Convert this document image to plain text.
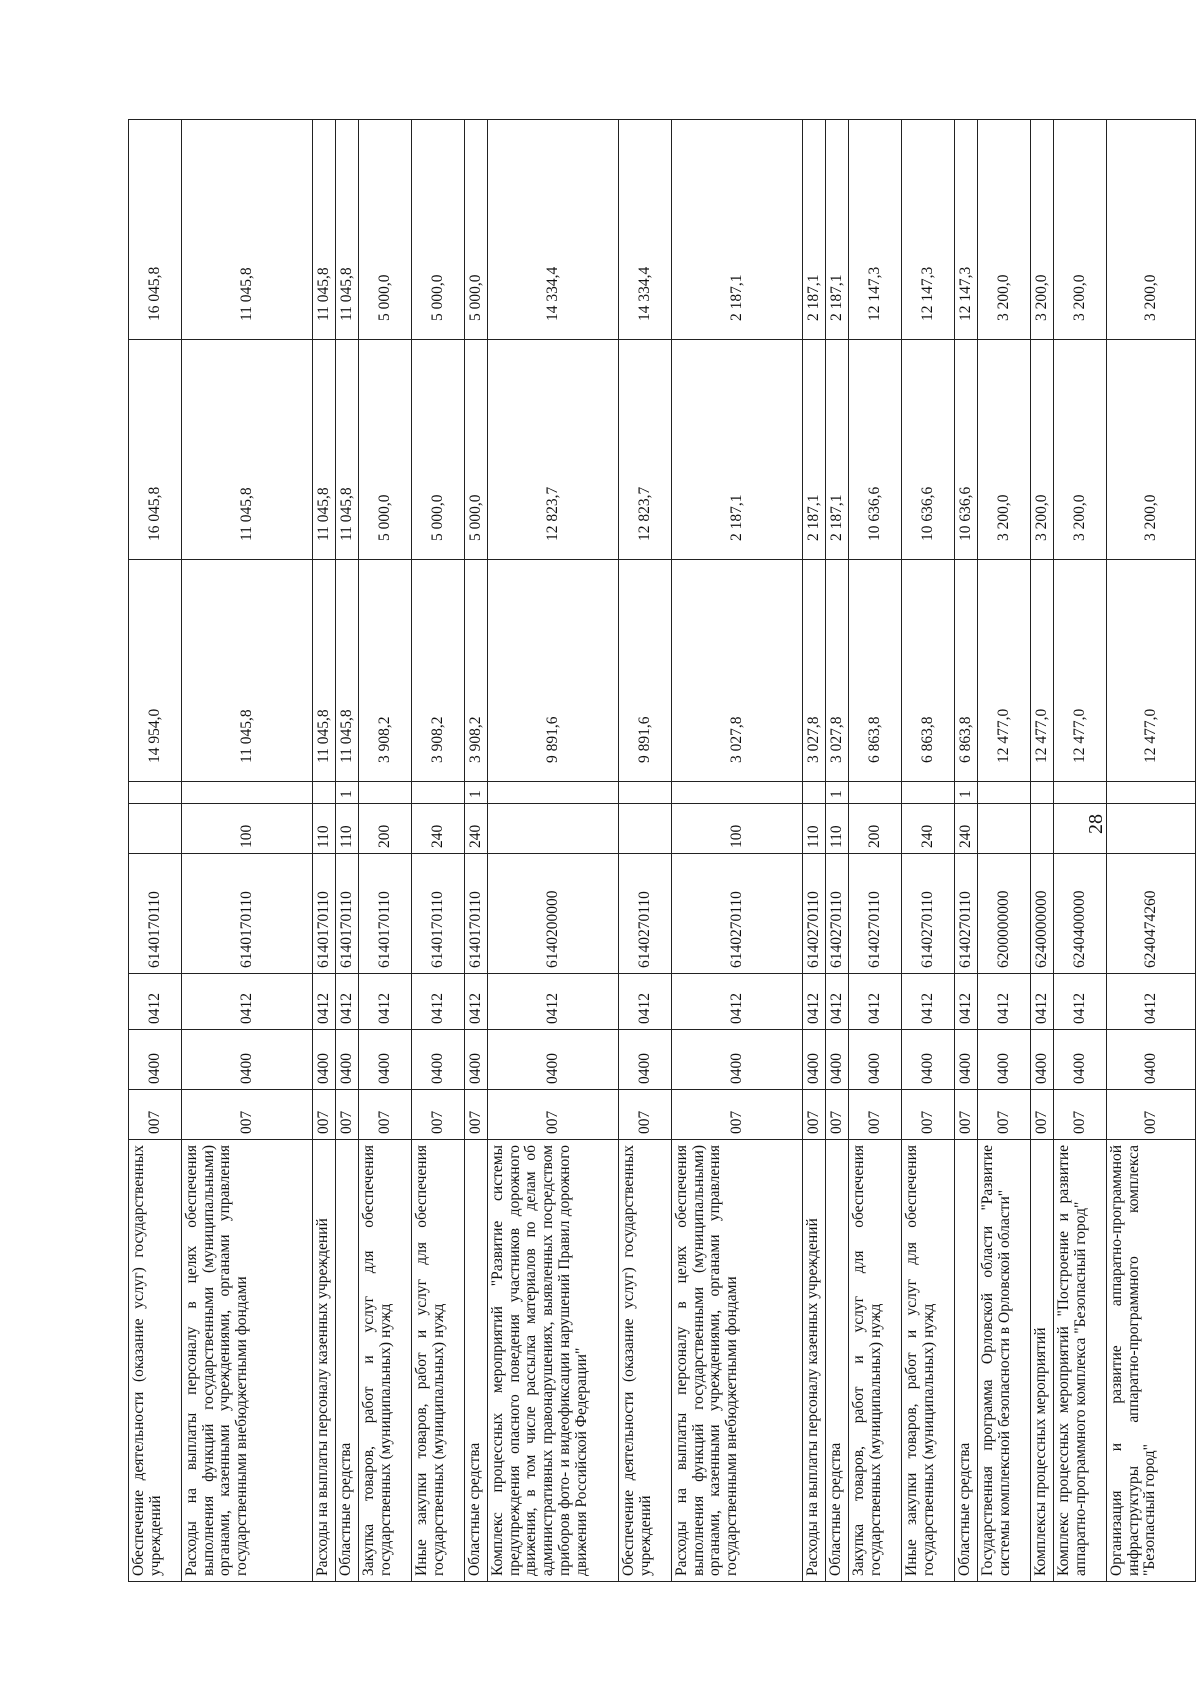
28
Обеспечение деятельности (оказание услуг) государственных учреждений	007	0400	0412	6140170110			14 954,0	16 045,8	16 045,8
Расходы на выплаты персоналу в целях обеспечения выполнения функций государственными (муниципальными) органами, казенными учреждениями, органами управления государственными внебюджетными фондами	007	0400	0412	6140170110	100		11 045,8	11 045,8	11 045,8
Расходы на выплаты персоналу казенных учреждений	007	0400	0412	6140170110	110		11 045,8	11 045,8	11 045,8
Областные средства	007	0400	0412	6140170110	110	1	11 045,8	11 045,8	11 045,8
Закупка товаров, работ и услуг для обеспечения государственных (муниципальных) нужд	007	0400	0412	6140170110	200		3 908,2	5 000,0	5 000,0
Иные закупки товаров, работ и услуг для обеспечения государственных (муниципальных) нужд	007	0400	0412	6140170110	240		3 908,2	5 000,0	5 000,0
Областные средства	007	0400	0412	6140170110	240	1	3 908,2	5 000,0	5 000,0
Комплекс процессных мероприятий "Развитие системы предупреждения опасного поведения участников дорожного движения, в том числе рассылка материалов по делам об административных правонарушениях, выявленных посредством приборов фото- и видеофиксации нарушений Правил дорожного движения Российской Федерации"	007	0400	0412	6140200000			9 891,6	12 823,7	14 334,4
Обеспечение деятельности (оказание услуг) государственных учреждений	007	0400	0412	6140270110			9 891,6	12 823,7	14 334,4
Расходы на выплаты персоналу в целях обеспечения выполнения функций государственными (муниципальными) органами, казенными учреждениями, органами управления государственными внебюджетными фондами	007	0400	0412	6140270110	100		3 027,8	2 187,1	2 187,1
Расходы на выплаты персоналу казенных учреждений	007	0400	0412	6140270110	110		3 027,8	2 187,1	2 187,1
Областные средства	007	0400	0412	6140270110	110	1	3 027,8	2 187,1	2 187,1
Закупка товаров, работ и услуг для обеспечения государственных (муниципальных) нужд	007	0400	0412	6140270110	200		6 863,8	10 636,6	12 147,3
Иные закупки товаров, работ и услуг для обеспечения государственных (муниципальных) нужд	007	0400	0412	6140270110	240		6 863,8	10 636,6	12 147,3
Областные средства	007	0400	0412	6140270110	240	1	6 863,8	10 636,6	12 147,3
Государственная программа Орловской области "Развитие системы комплексной безопасности в Орловской области"	007	0400	0412	6200000000			12 477,0	3 200,0	3 200,0
Комплексы процессных мероприятий	007	0400	0412	6240000000			12 477,0	3 200,0	3 200,0
Комплекс процессных мероприятий "Построение и развитие аппаратно-программного комплекса "Безопасный город"	007	0400	0412	6240400000			12 477,0	3 200,0	3 200,0
Организация и развитие аппаратно-программной инфраструктуры аппаратно-программного комплекса "Безопасный город"	007	0400	0412	6240474260			12 477,0	3 200,0	3 200,0
